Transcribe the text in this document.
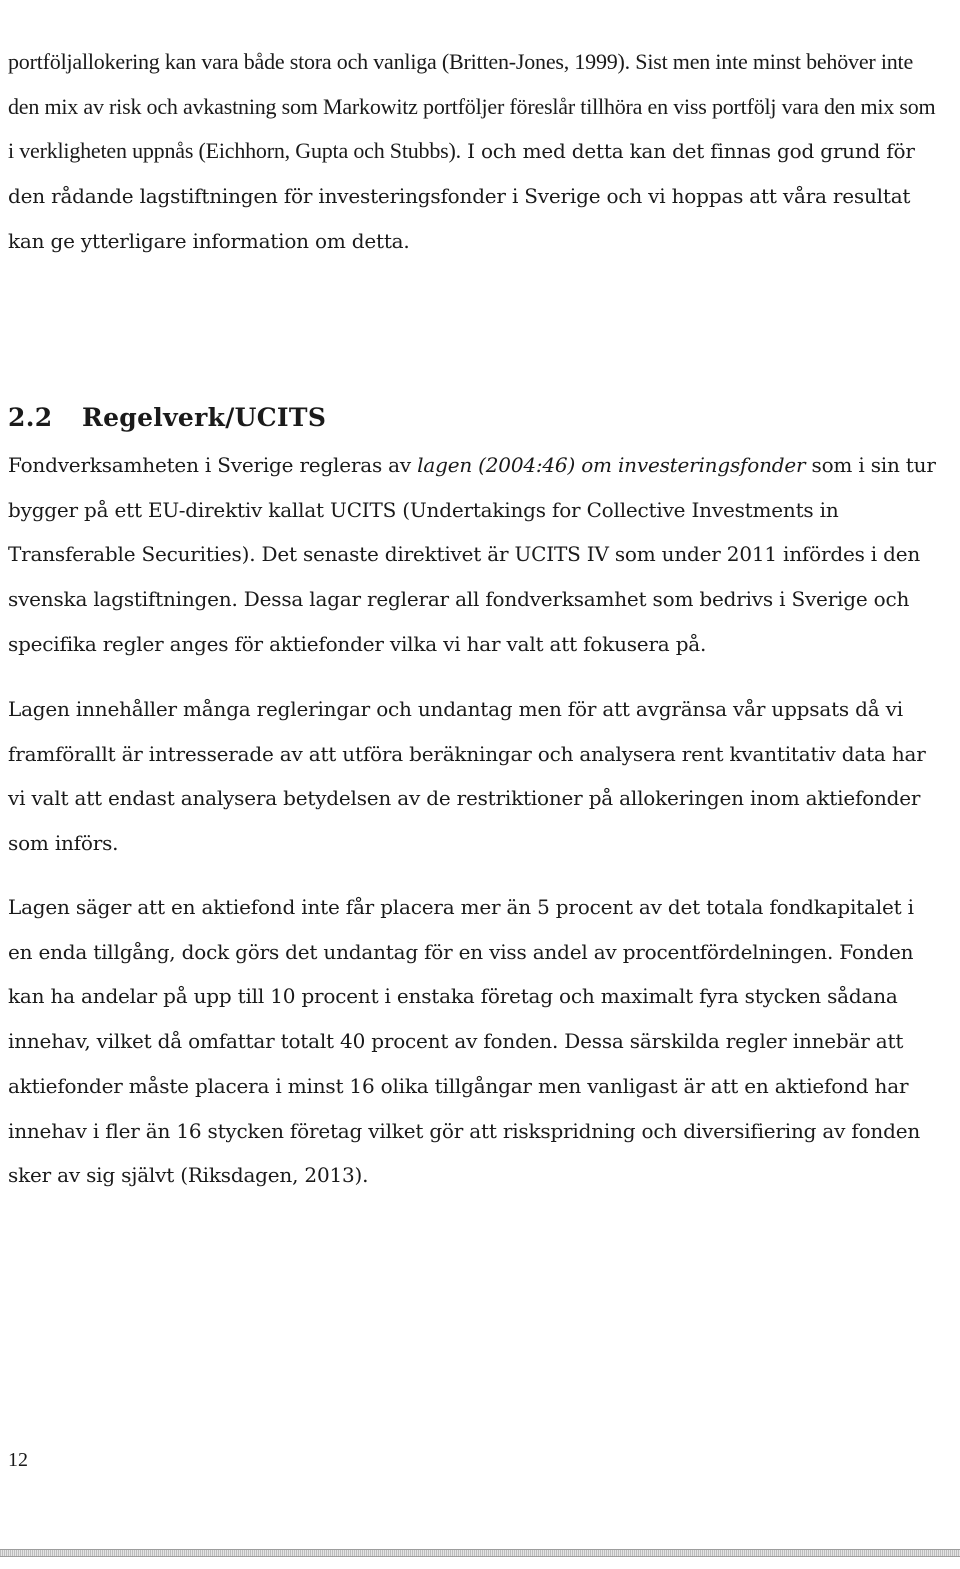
portföljallokering kan vara både stora och vanliga (Britten-Jones, 1999). Sist men inte minst behöver inte den mix av risk och avkastning som Markowitz portföljer föreslår tillhöra en viss portfölj vara den mix som i verkligheten uppnås (Eichhorn, Gupta och Stubbs). I och med detta kan det finnas god grund för den rådande lagstiftningen för investeringsfonder i Sverige och vi hoppas att våra resultat kan ge ytterligare information om detta.

2.2 Regelverk/UCITS

Fondverksamheten i Sverige regleras av lagen (2004:46) om investeringsfonder som i sin tur bygger på ett EU-direktiv kallat UCITS (Undertakings for Collective Investments in Transferable Securities). Det senaste direktivet är UCITS IV som under 2011 infördes i den svenska lagstiftningen. Dessa lagar reglerar all fondverksamhet som bedrivs i Sverige och specifika regler anges för aktiefonder vilka vi har valt att fokusera på.

Lagen innehåller många regleringar och undantag men för att avgränsa vår uppsats då vi framförallt är intresserade av att utföra beräkningar och analysera rent kvantitativ data har vi valt att endast analysera betydelsen av de restriktioner på allokeringen inom aktiefonder som införs.

Lagen säger att en aktiefond inte får placera mer än 5 procent av det totala fondkapitalet i en enda tillgång, dock görs det undantag för en viss andel av procentfördelningen. Fonden kan ha andelar på upp till 10 procent i enstaka företag och maximalt fyra stycken sådana innehav, vilket då omfattar totalt 40 procent av fonden. Dessa särskilda regler innebär att aktiefonder måste placera i minst 16 olika tillgångar men vanligast är att en aktiefond har innehav i fler än 16 stycken företag vilket gör att riskspridning och diversifiering av fonden sker av sig självt (Riksdagen, 2013).

12
